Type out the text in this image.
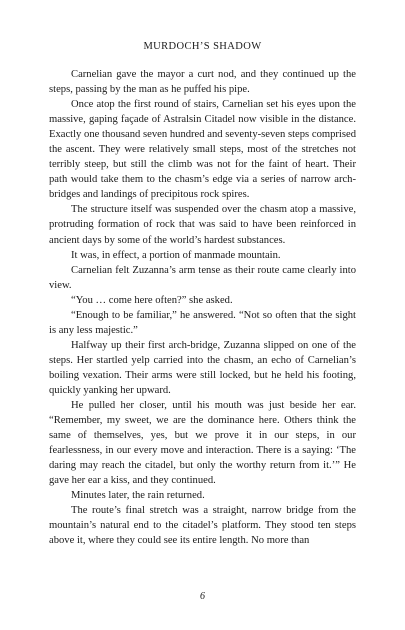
MURDOCH’S SHADOW

Carnelian gave the mayor a curt nod, and they continued up the steps, passing by the man as he puffed his pipe.

Once atop the first round of stairs, Carnelian set his eyes upon the massive, gaping façade of Astralsin Citadel now visible in the distance. Exactly one thousand seven hundred and seventy-seven steps comprised the ascent. They were relatively small steps, most of the stretches not terribly steep, but still the climb was not for the faint of heart. Their path would take them to the chasm’s edge via a series of narrow arch-bridges and landings of precipitous rock spires.

The structure itself was suspended over the chasm atop a massive, protruding formation of rock that was said to have been reinforced in ancient days by some of the world’s hardest substances.

It was, in effect, a portion of manmade mountain.

Carnelian felt Zuzanna’s arm tense as their route came clearly into view.

“You … come here often?” she asked.

“Enough to be familiar,” he answered. “Not so often that the sight is any less majestic.”

Halfway up their first arch-bridge, Zuzanna slipped on one of the steps. Her startled yelp carried into the chasm, an echo of Carnelian’s boiling vexation. Their arms were still locked, but he held his footing, quickly yanking her upward.

He pulled her closer, until his mouth was just beside her ear. “Remember, my sweet, we are the dominance here. Others think the same of themselves, yes, but we prove it in our steps, in our fearlessness, in our every move and interaction. There is a saying: ‘The daring may reach the citadel, but only the worthy return from it.’” He gave her ear a kiss, and they continued.

Minutes later, the rain returned.

The route’s final stretch was a straight, narrow bridge from the mountain’s natural end to the citadel’s platform. They stood ten steps above it, where they could see its entire length. No more than

6
